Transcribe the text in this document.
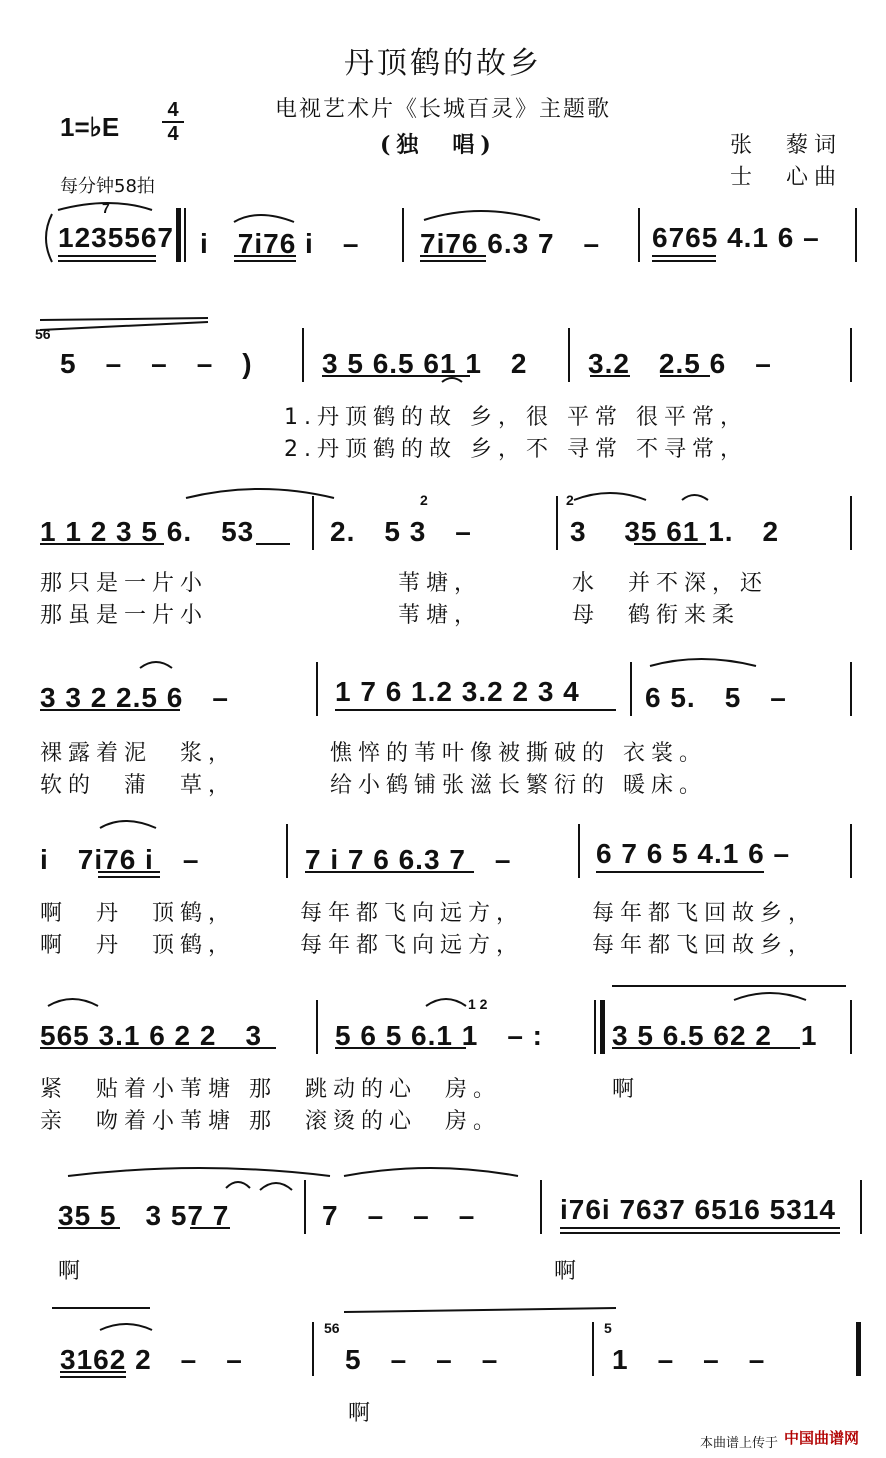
丹顶鹤的故乡
电视艺术片《长城百灵》主题歌
(独　唱)
1=♭E
4
4
每分钟58拍
张　藜词
士　心曲
7
1235567 i　7i76 i　– 7i76 6.3 7　– 6765 4.1 6 –
56
5　–　–　–　) 3 5 6.5 61 1　2 3.2　2.5 6　–
1.丹顶鹤的故 乡，很 平常 很平常，
2.丹顶鹤的故 乡，不 寻常 不寻常，
2	2
1 1 2 3 5 6.　53	2.　5 3　–	3　 35 61 1.　2
那只是一片小	苇塘，	水　并不深，还
那虽是一片小	苇塘，	母　鹤衔来柔
3 3 2 2.5 6　–	1 7 6 1.2 3.2 2 3 4 6 5.　5　–
裸露着泥　浆，	憔悴的苇叶像被撕破的 衣裳。
软的　蒲　草，	给小鹤铺张滋长繁衍的 暖床。
i　7i76 i　–	7 i 7 6 6.3 7　–	6 7 6 5 4.1 6 –
啊　丹　顶鹤，	每年都飞向远方，	每年都飞回故乡，
啊　丹　顶鹤，	每年都飞向远方，	每年都飞回故乡，
1 2
565 3.1 6 2 2　3	5 6 5 6.1 1　– : 3 5 6.5 62 2　1
紧　贴着小苇塘 那　跳动的心　房。	啊
亲　吻着小苇塘 那　滚烫的心　房。
35 5　3 57 7	7　–　–　–	i76i 7637 6516 5314
啊	啊
56	5
3162 2　–　–	5　–　–　–	1　–　–　–
啊
本曲谱上传于 中国曲谱网
